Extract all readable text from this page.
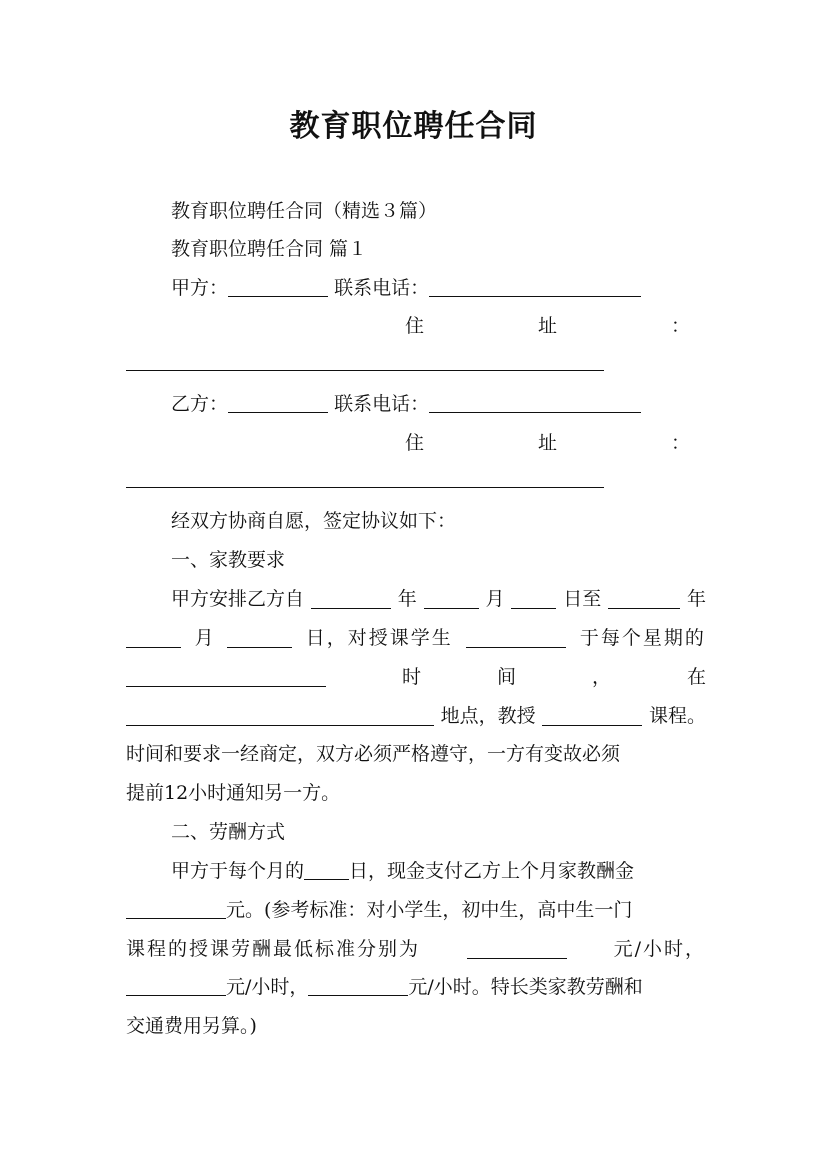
教育职位聘任合同
教育职位聘任合同（精选３篇）
教育职位聘任合同 篇１
甲方：	联系电话：
住	址	：
乙方：	联系电话：
住	址	：
经双方协商自愿，签定协议如下：
一、家教要求
甲方安排乙方自	年	月	日至	年
月	日，对授课学生	于每个星期的
时	间	，	在
地点，教授	课程。
时间和要求一经商定，双方必须严格遵守，一方有变故必须
提前12小时通知另一方。
二、劳酬方式
甲方于每个月的 日，现金支付乙方上个月家教酬金
元。(参考标准：对小学生，初中生，高中生一门
课程的授课劳酬最低标准分别为	元/小时，
元/小时，	元/小时。特长类家教劳酬和
交通费用另算。)
